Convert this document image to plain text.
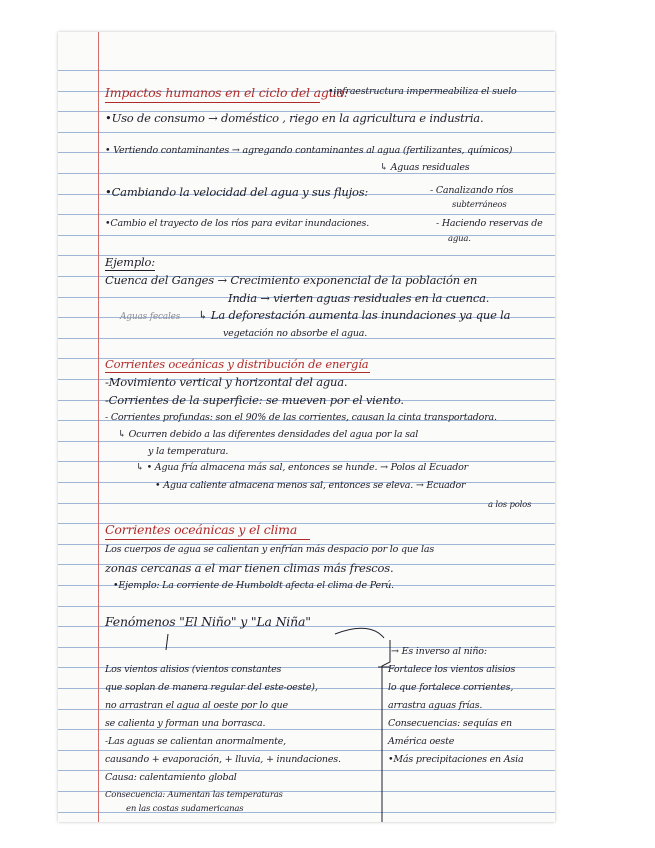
Impactos humanos en el ciclo del agua:
•infraestructura impermeabiliza el suelo
•Uso de consumo → doméstico , riego en la agricultura e industria.
• Vertiendo contaminantes → agregando contaminantes al agua (fertilizantes, químicos)
↳ Aguas residuales
•Cambiando la velocidad del agua y sus flujos:	- Canalizando ríos
subterráneos
•Cambio el trayecto de los ríos para evitar inundaciones.	- Haciendo reservas de
agua.
Ejemplo:
Cuenca del Ganges → Crecimiento exponencial de la población en
India → vierten aguas residuales en la cuenca.
Aguas fecales ↳ La deforestación aumenta las inundaciones ya que la
vegetación no absorbe el agua.
Corrientes oceánicas y distribución de energía
-Movimiento vertical y horizontal del agua.
-Corrientes de la superficie: se mueven por el viento.
- Corrientes profundas: son el 90% de las corrientes, causan la cinta transportadora.
↳ Ocurren debido a las diferentes densidades del agua por la sal
y la temperatura.
↳ • Agua fría almacena más sal, entonces se hunde. → Polos al Ecuador
• Agua caliente almacena menos sal, entonces se eleva. → Ecuador
a los polos
Corrientes oceánicas y el clima
Los cuerpos de agua se calientan y enfrían más despacio por lo que las
zonas cercanas a el mar tienen climas más frescos.
•Ejemplo: La corriente de Humboldt afecta el clima de Perú.
Fenómenos "El Niño" y "La Niña"
Los vientos alisios (vientos constantes
que soplan de manera regular del este-oeste),
no arrastran el agua al oeste por lo que
se calienta y forman una borrasca.
-Las aguas se calientan anormalmente,
causando + evaporación, + lluvia, + inundaciones.
Causa: calentamiento global
Consecuencia: Aumentan las temperaturas
en las costas sudamericanas
→ Es inverso al niño:
Fortalece los vientos alisios
lo que fortalece corrientes,
arrastra aguas frías.
Consecuencias: sequías en
América oeste
•Más precipitaciones en Asia
